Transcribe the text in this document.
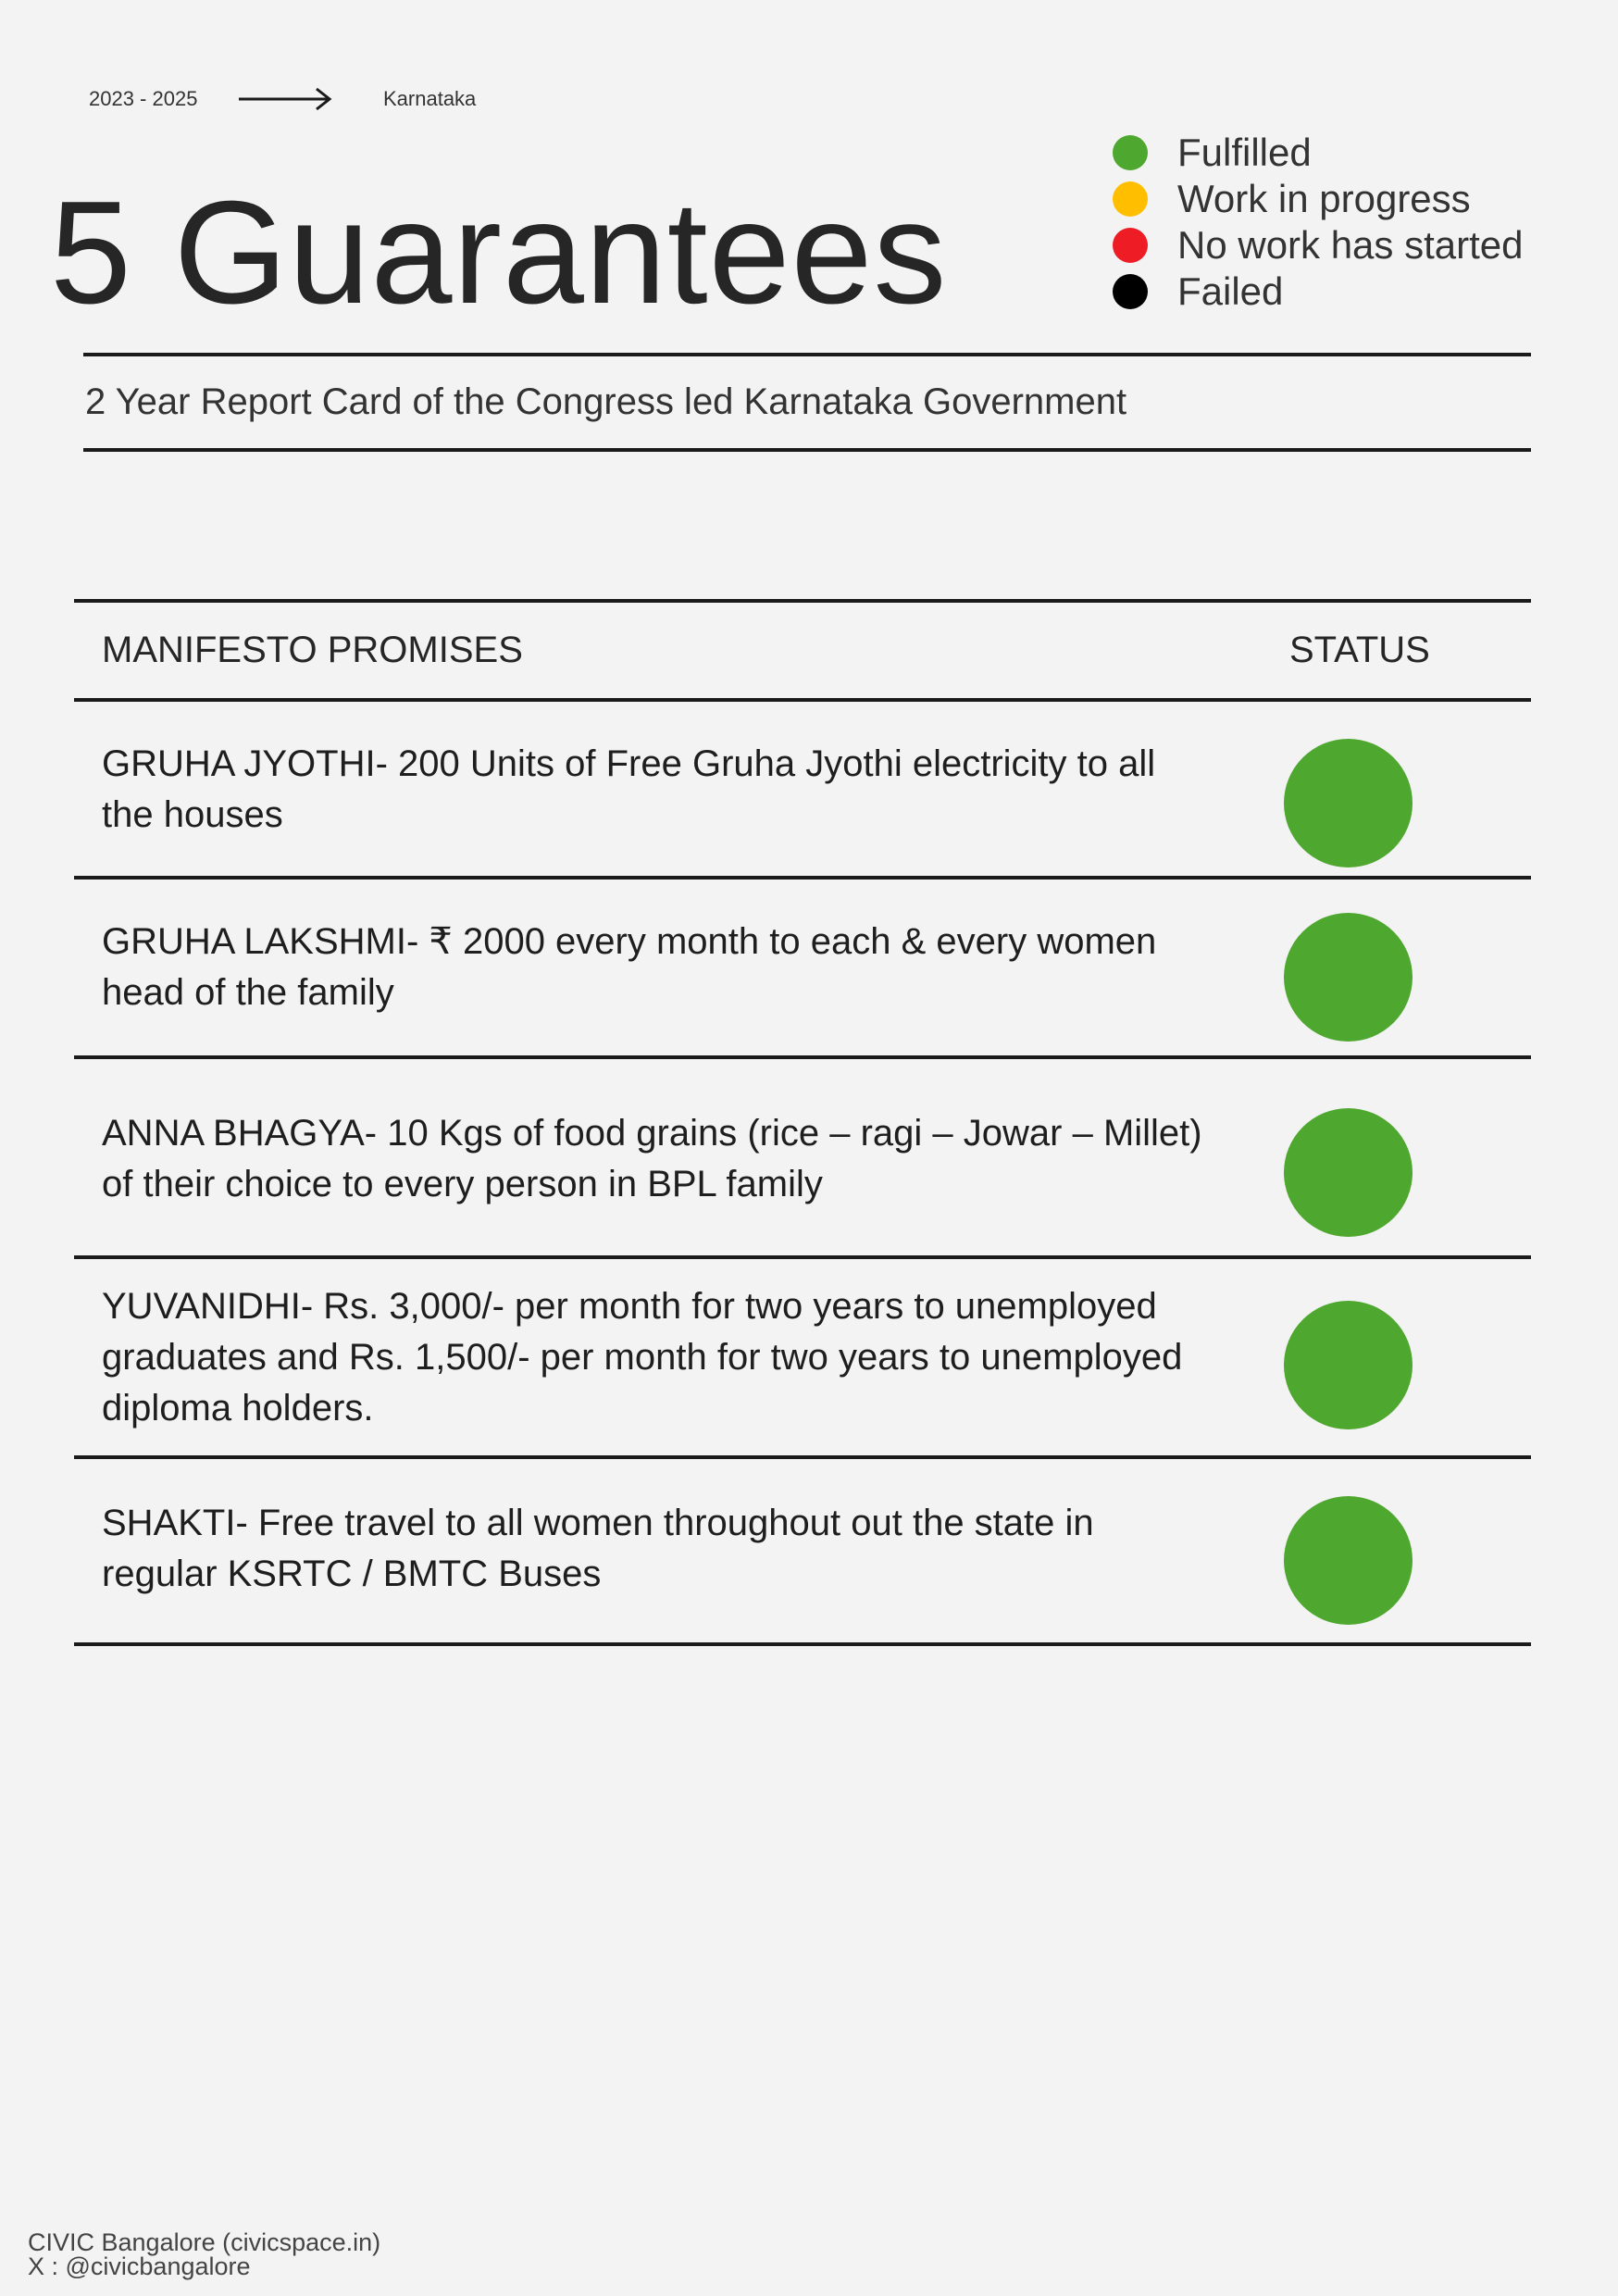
2023 - 2025	Karnataka
5 Guarantees
Fulfilled
Work in progress
No work has started
Failed
2 Year Report Card of the Congress led Karnataka Government
MANIFESTO PROMISES	STATUS
GRUHA JYOTHI- 200 Units of Free Gruha Jyothi electricity to all the houses
GRUHA LAKSHMI- ₹ 2000 every month to each & every women head of the family
ANNA BHAGYA- 10 Kgs of food grains (rice – ragi – Jowar – Millet) of their choice to every person in BPL family
YUVANIDHI- Rs. 3,000/- per month for two years to unemployed graduates and Rs. 1,500/- per month for two years to unemployed diploma holders.
SHAKTI- Free travel to all women throughout out the state in regular KSRTC / BMTC Buses
CIVIC Bangalore (civicspace.in)
X : @civicbangalore
